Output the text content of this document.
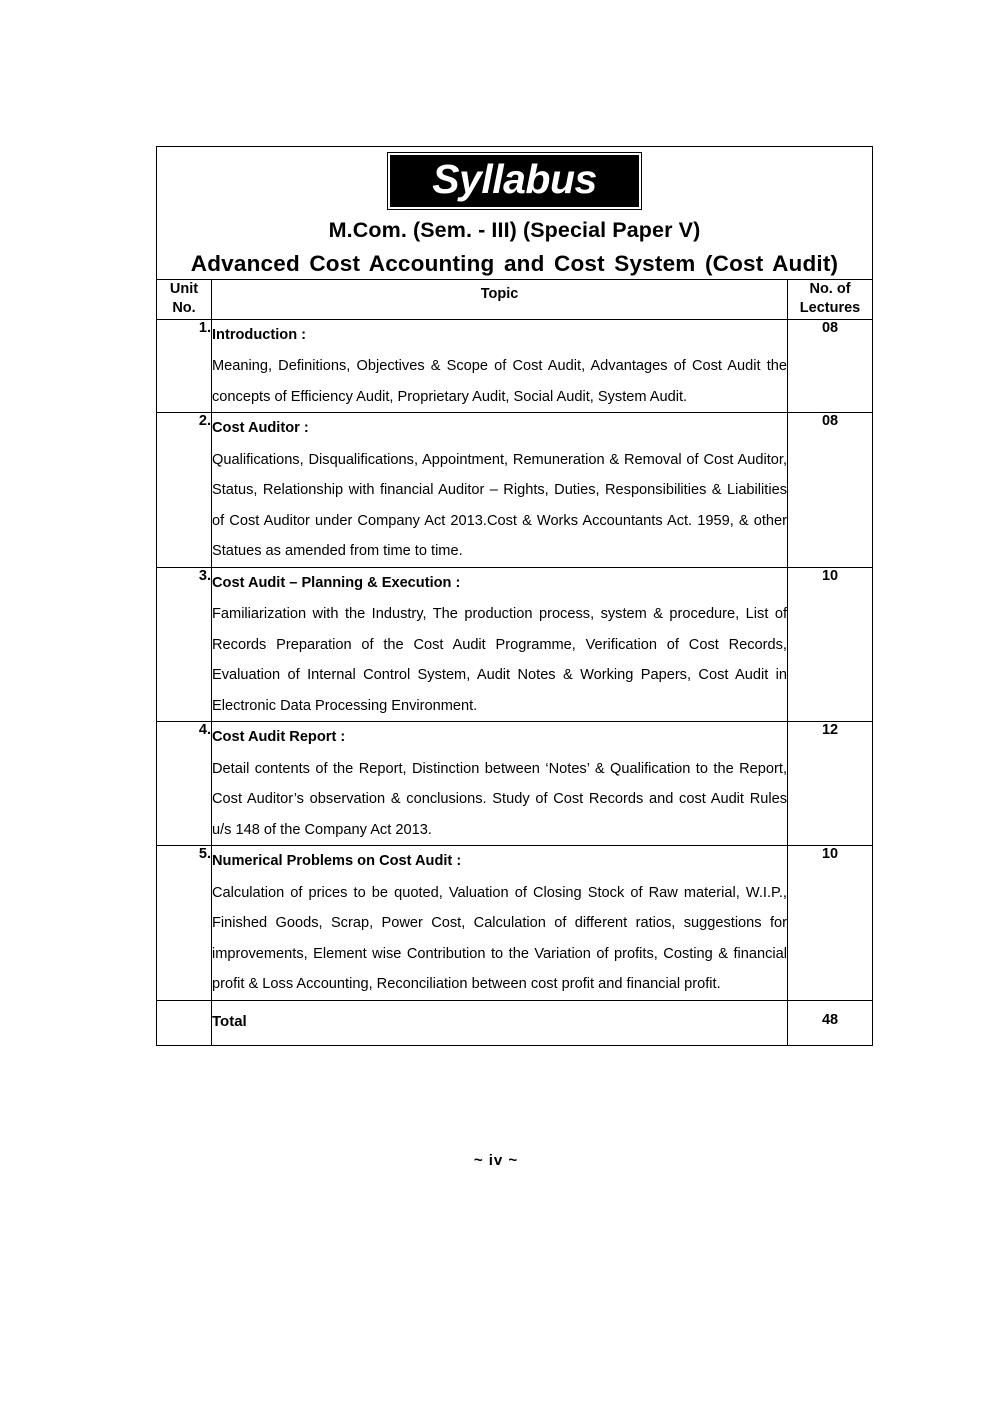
Syllabus
M.Com. (Sem. - III) (Special Paper V)
Advanced Cost Accounting and Cost System (Cost Audit)		

Unit
No.
	Topic	No. of
Lectures

1.	Introduction :
Meaning, Definitions, Objectives & Scope of Cost Audit, Advantages of Cost Audit the concepts of Efficiency Audit, Proprietary Audit, Social Audit, System Audit.	08
2.	Cost Auditor :
Qualifications, Disqualifications, Appointment, Remuneration & Removal of Cost Auditor, Status, Relationship with financial Auditor – Rights, Duties, Responsibilities & Liabilities of Cost Auditor under Company Act 2013.Cost & Works Accountants Act. 1959, & other Statues as amended from time to time.	08
3.	Cost Audit – Planning & Execution :
Familiarization with the Industry, The production process, system & procedure, List of Records Preparation of the Cost Audit Programme, Verification of Cost Records, Evaluation of Internal Control System, Audit Notes & Working Papers, Cost Audit in Electronic Data Processing Environment.	10
4.	Cost Audit Report :
Detail contents of the Report, Distinction between ‘Notes’ & Qualification to the Report, Cost Auditor’s observation & conclusions. Study of Cost Records and cost Audit Rules u/s 148 of the Company Act 2013.	12
5.	Numerical Problems on Cost Audit :
Calculation of prices to be quoted, Valuation of Closing Stock of Raw material, W.I.P., Finished Goods, Scrap, Power Cost, Calculation of different ratios, suggestions for improvements, Element wise Contribution to the Variation of profits, Costing & financial profit & Loss Accounting, Reconciliation between cost profit and financial profit.	10
	Total	48
~ iv ~
